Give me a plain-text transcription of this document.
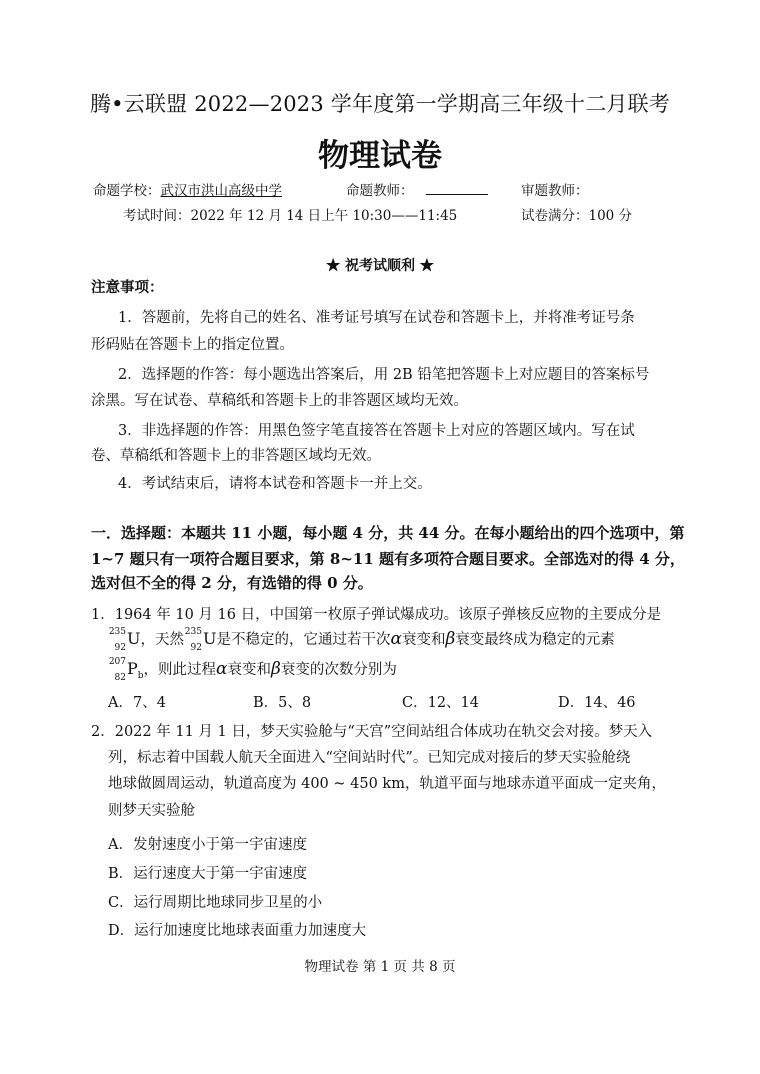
腾•云联盟 2022—2023 学年度第一学期高三年级十二月联考
物理试卷
命题学校：武汉市洪山高级中学	命题教师：	审题教师：
考试时间：2022 年 12 月 14 日上午 10:30——11:45	试卷满分：100 分
★ 祝考试顺利 ★
注意事项：
1．答题前，先将自己的姓名、准考证号填写在试卷和答题卡上，并将准考证号条
形码贴在答题卡上的指定位置。
2．选择题的作答：每小题选出答案后，用 2B 铅笔把答题卡上对应题目的答案标号
涂黑。写在试卷、草稿纸和答题卡上的非答题区域均无效。
3．非选择题的作答：用黑色签字笔直接答在答题卡上对应的答题区域内。写在试
卷、草稿纸和答题卡上的非答题区域均无效。
4．考试结束后，请将本试卷和答题卡一并上交。
一．选择题：本题共 11 小题，每小题 4 分，共 44 分。在每小题给出的四个选项中，第
1~7 题只有一项符合题目要求，第 8~11 题有多项符合题目要求。全部选对的得 4 分，
选对但不全的得 2 分，有选错的得 0 分。
1．1964 年 10 月 16 日，中国第一枚原子弹试爆成功。该原子弹核反应物的主要成分是
235
92 U，天然 235
92 U是不稳定的，它通过若干次α衰变和β衰变最终成为稳定的元素
207
82 $P_b$，则此过程α衰变和β衰变的次数分别为
A．7、4	B．5、8	C．12、14	D．14、46
2．2022 年 11 月 1 日，梦天实验舱与“天宫”空间站组合体成功在轨交会对接。梦天入
列，标志着中国载人航天全面进入“空间站时代”。已知完成对接后的梦天实验舱绕
地球做圆周运动，轨道高度为 400 ~ 450 km，轨道平面与地球赤道平面成一定夹角，
则梦天实验舱
A．发射速度小于第一宇宙速度
B．运行速度大于第一宇宙速度
C．运行周期比地球同步卫星的小
D．运行加速度比地球表面重力加速度大
物理试卷 第 1 页 共 8 页
